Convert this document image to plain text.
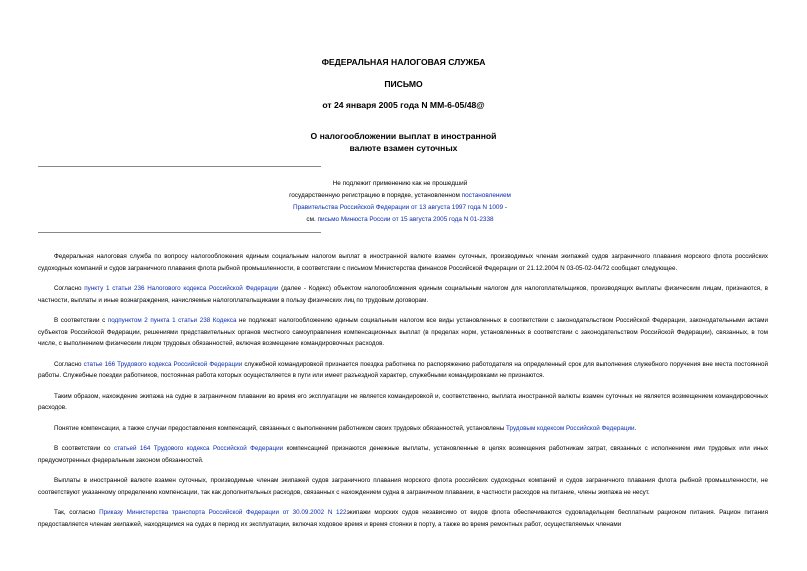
ФЕДЕРАЛЬНАЯ НАЛОГОВАЯ СЛУЖБА
ПИСЬМО
от 24 января 2005 года N ММ-6-05/48@
О налогообложении выплат в иностранной
валюте взамен суточных
Не подлежит применению как не прошедший
государственную регистрацию в порядке, установленном постановлением
Правительства Российской Федерации от 13 августа 1997 года N 1009 -
см. письмо Минюста России от 15 августа 2005 года N 01-2338

Федеральная налоговая служба по вопросу налогообложения единым социальным налогом выплат в иностранной валюте взамен суточных, производимых членам экипажей судов заграничного плавания морского флота российских судоходных компаний и судов заграничного плавания флота рыбной промышленности, в соответствии с письмом Министерства финансов Российской Федерации от 21.12.2004 N 03-05-02-04/72 сообщает следующее.

Согласно пункту 1 статьи 236 Налогового кодекса Российской Федерации (далее - Кодекс) объектом налогообложения единым социальным налогом для налогоплательщиков, производящих выплаты физическим лицам, признаются, в частности, выплаты и иные вознаграждения, начисляемые налогоплательщиками в пользу физических лиц по трудовым договорам.

В соответствии с подпунктом 2 пункта 1 статьи 238 Кодекса не подлежат налогообложению единым социальным налогом все виды установленных в соответствии с законодательством Российской Федерации, законодательными актами субъектов Российской Федерации, решениями представительных органов местного самоуправления компенсационных выплат (в пределах норм, установленных в соответствии с законодательством Российской Федерации), связанных, в том числе, с выполнением физическим лицом трудовых обязанностей, включая возмещение командировочных расходов.

Согласно статье 166 Трудового кодекса Российской Федерации служебной командировкой признается поездка работника по распоряжению работодателя на определенный срок для выполнения служебного поручения вне места постоянной работы. Служебные поездки работников, постоянная работа которых осуществляется в пути или имеет разъездной характер, служебными командировками не признаются.

Таким образом, нахождение экипажа на судне в заграничном плавании во время его эксплуатации не является командировкой и, соответственно, выплата иностранной валюты взамен суточных не является возмещением командировочных расходов.

Понятие компенсации, а также случаи предоставления компенсаций, связанных с выполнением работником своих трудовых обязанностей, установлены Трудовым кодексом Российской Федерации.

В соответствии со статьей 164 Трудового кодекса Российской Федерации компенсацией признаются денежные выплаты, установленные в целях возмещения работникам затрат, связанных с исполнением ими трудовых или иных предусмотренных федеральным законом обязанностей.

Выплаты в иностранной валюте взамен суточных, производимые членам экипажей судов заграничного плавания морского флота российских судоходных компаний и судов заграничного плавания флота рыбной промышленности, не соответствуют указанному определению компенсации, так как дополнительных расходов, связанных с нахождением судна в заграничном плавании, в частности расходов на питание, члены экипажа не несут.

Так, согласно Приказу Министерства транспорта Российской Федерации от 30.09.2002 N 122экипажи морских судов независимо от видов флота обеспечиваются судовладельцем бесплатным рационом питания. Рацион питания предоставляется членам экипажей, находящимся на судах в период их эксплуатации, включая ходовое время и время стоянки в порту, а также во время ремонтных работ, осуществляемых членами
